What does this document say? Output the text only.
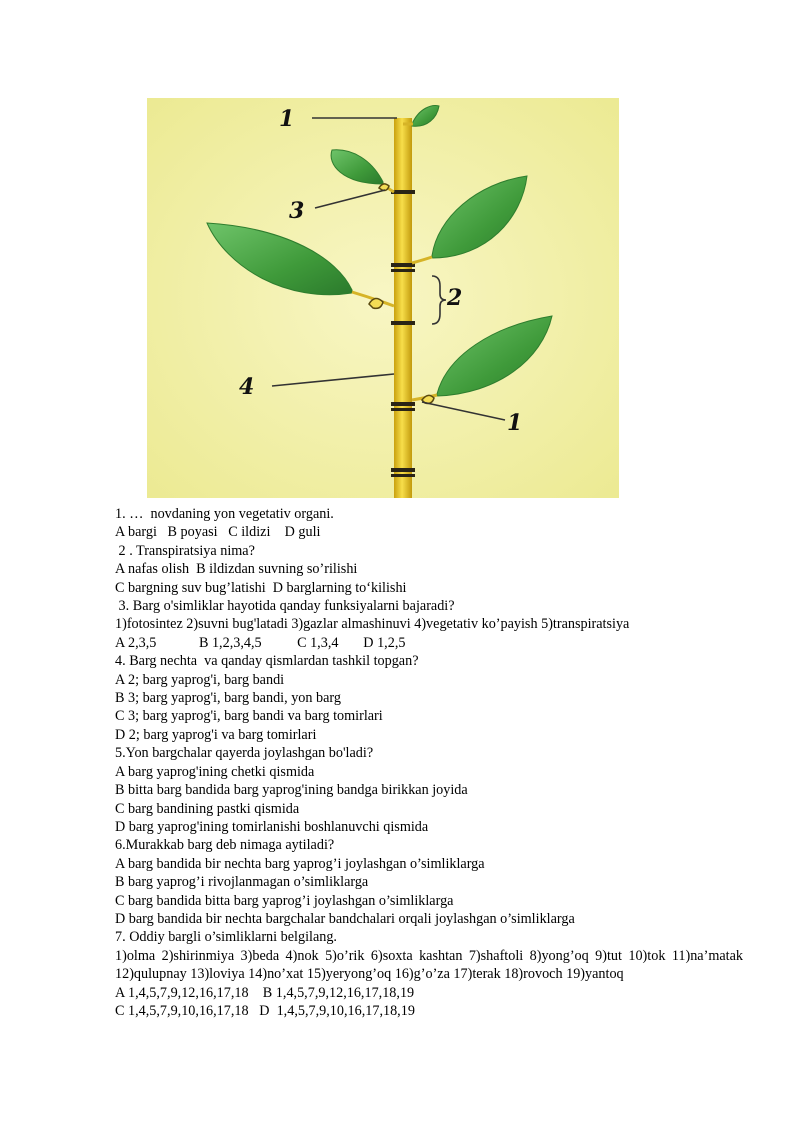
1
3
2
4
1
1. …  novdaning yon vegetativ organi.
A bargi   B poyasi   C ildizi    D guli
2 . Transpiratsiya nima?
A nafas olish  B ildizdan suvning so’rilishi
C bargning suv bug’latishi  D barglarning to‘kilishi
3. Barg o'simliklar hayotida qanday funksiyalarni bajaradi?
1)fotosintez 2)suvni bug'latadi 3)gazlar almashinuvi 4)vegetativ ko’payish 5)transpiratsiya
A 2,3,5            B 1,2,3,4,5          C 1,3,4       D 1,2,5
4. Barg nechta  va qanday qismlardan tashkil topgan?
A 2; barg yaprog'i, barg bandi
B 3; barg yaprog'i, barg bandi, yon barg
C 3; barg yaprog'i, barg bandi va barg tomirlari
D 2; barg yaprog'i va barg tomirlari
5.Yon bargchalar qayerda joylashgan bo'ladi?
A barg yaprog'ining chetki qismida
B bitta barg bandida barg yaprog'ining bandga birikkan joyida
C barg bandining pastki qismida
D barg yaprog'ining tomirlanishi boshlanuvchi qismida
6.Murakkab barg deb nimaga aytiladi?
A barg bandida bir nechta barg yaprog’i joylashgan o’simliklarga
B barg yaprog’i rivojlanmagan o’simliklarga
C barg bandida bitta barg yaprog’i joylashgan o’simliklarga
D barg bandida bir nechta bargchalar bandchalari orqali joylashgan o’simliklarga
7. Oddiy bargli o’simliklarni belgilang.
1)olma 2)shirinmiya 3)beda 4)nok 5)o’rik 6)soxta kashtan 7)shaftoli 8)yong’oq 9)tut 10)tok 11)na’matak 12)qulupnay 13)loviya 14)no’xat 15)yeryong’oq 16)g’o’za 17)terak 18)rovoch 19)yantoq
A 1,4,5,7,9,12,16,17,18    B 1,4,5,7,9,12,16,17,18,19
C 1,4,5,7,9,10,16,17,18   D  1,4,5,7,9,10,16,17,18,19
